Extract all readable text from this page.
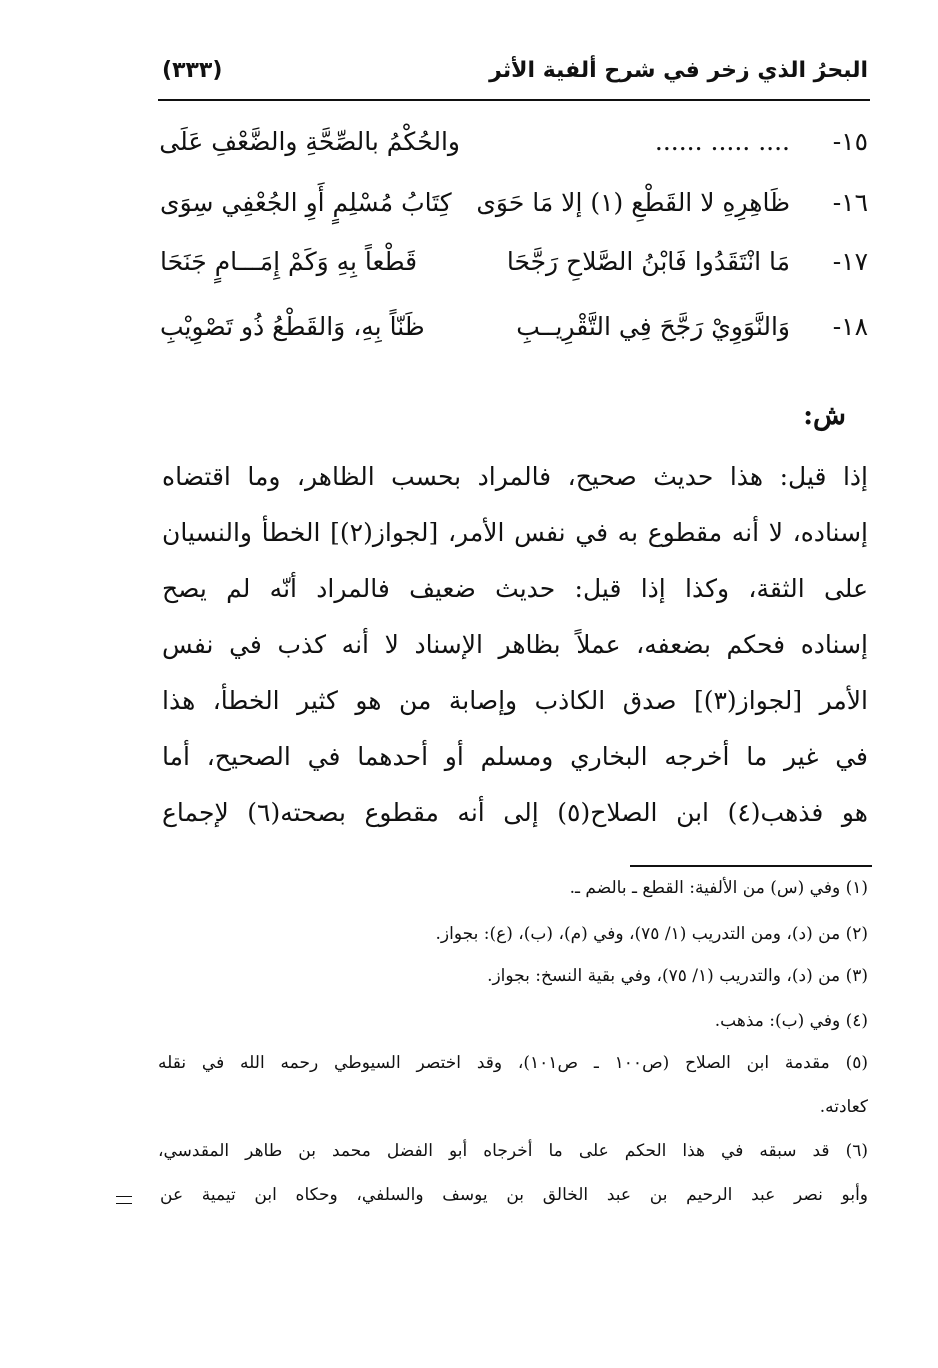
البحرُ الذي زخر في شرح ألفية الأثر
(٣٣٣)
١٥-
.... ..... ......
والحُكْمُ بالصِّحَّةِ والضَّعْفِ عَلَى
١٦-
ظَاهِرِهِ لا القَطْعِ (١) إلا مَا حَوَى
كِتَابُ مُسْلِمٍ أَوِ الجُعْفِي سِوَى
١٧-
مَا انْتَقَدُوا فَابْنُ الصَّلاحِ رَجَّحَا
قَطْعاً بِهِ وَكَمْ إِمَـــامٍ جَنَحَا
١٨-
وَالنَّوَوِيْ رَجَّحَ فِي التَّقْرِيــبِ
ظَنّاً بِهِ، وَالقَطْعُ ذُو تَصْوِيْبِ
ش:
إذا قيل: هذا حديث صحيح، فالمراد بحسب الظاهر، وما اقتضاه
إسناده، لا أنه مقطوع به في نفس الأمر، [لجواز(٢)] الخطأ والنسيان
على الثقة، وكذا إذا قيل: حديث ضعيف فالمراد أنّه لم يصح
إسناده فحكم بضعفه، عملاً بظاهر الإسناد لا أنه كذب في نفس
الأمر [لجواز(٣)] صدق الكاذب وإصابة من هو كثير الخطأ، هذا
في غير ما أخرجه البخاري ومسلم أو أحدهما في الصحيح، أما
هو فذهب(٤) ابن الصلاح(٥) إلى أنه مقطوع بصحته(٦) لإجماع
(١) وفي (س) من الألفية: القطع ـ بالضم ـ.
(٢) من (د)، ومن التدريب (١/ ٧٥)، وفي (م)، (ب)، (ع): بجواز.
(٣) من (د)، والتدريب (١/ ٧٥)، وفي بقية النسخ: بجواز.
(٤) وفي (ب): مذهب.
(٥) مقدمة ابن الصلاح (ص١٠٠ ـ ص١٠١)، وقد اختصر السيوطي رحمه الله في نقله
كعادته.
(٦) قد سبقه في هذا الحكم على ما أخرجاه أبو الفضل محمد بن طاهر المقدسي،
وأبو نصر عبد الرحيم بن عبد الخالق بن يوسف والسلفي، وحكاه ابن تيمية عن
